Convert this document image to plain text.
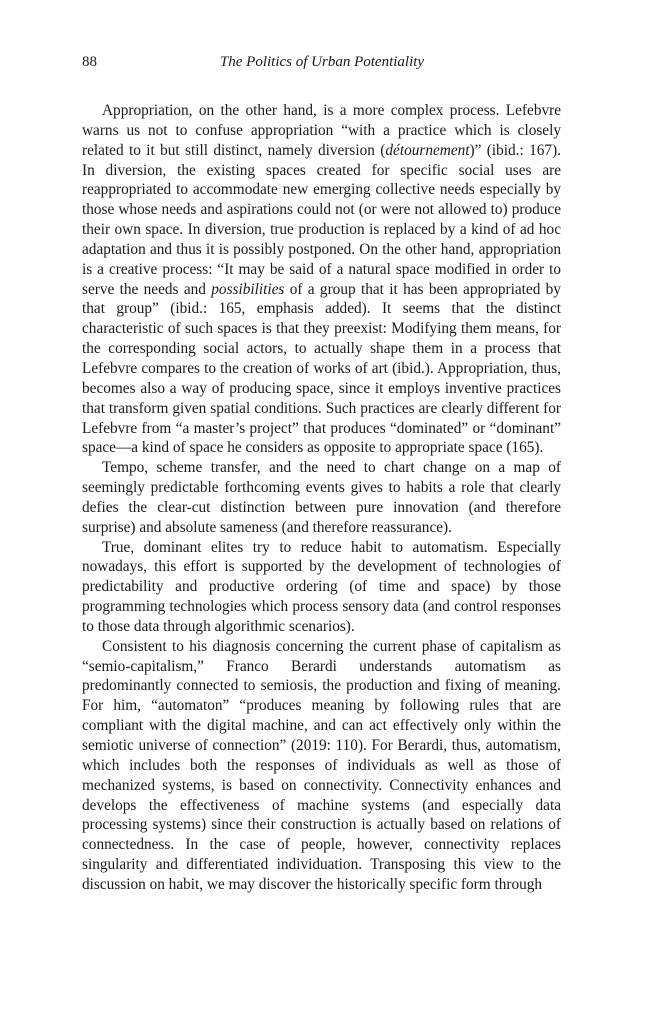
88	The Politics of Urban Potentiality

Appropriation, on the other hand, is a more complex process. Lefebvre warns us not to confuse appropriation “with a practice which is closely related to it but still distinct, namely diversion (détournement)” (ibid.: 167). In diversion, the existing spaces created for specific social uses are reappropriated to accommodate new emerging collective needs especially by those whose needs and aspirations could not (or were not allowed to) produce their own space. In diversion, true production is replaced by a kind of ad hoc adaptation and thus it is possibly postponed. On the other hand, appropriation is a creative process: “It may be said of a natural space modified in order to serve the needs and possibilities of a group that it has been appropriated by that group” (ibid.: 165, emphasis added). It seems that the distinct characteristic of such spaces is that they preexist: Modifying them means, for the corresponding social actors, to actually shape them in a process that Lefebvre compares to the creation of works of art (ibid.). Appropriation, thus, becomes also a way of producing space, since it employs inventive practices that transform given spatial conditions. Such practices are clearly different for Lefebvre from “a master’s project” that produces “dominated” or “dominant” space—a kind of space he considers as opposite to appropriate space (165).

Tempo, scheme transfer, and the need to chart change on a map of seemingly predictable forthcoming events gives to habits a role that clearly defies the clear-cut distinction between pure innovation (and therefore surprise) and absolute sameness (and therefore reassurance).

True, dominant elites try to reduce habit to automatism. Especially nowadays, this effort is supported by the development of technologies of predictability and productive ordering (of time and space) by those programming technologies which process sensory data (and control responses to those data through algorithmic scenarios).

Consistent to his diagnosis concerning the current phase of capitalism as “semio-capitalism,” Franco Berardi understands automatism as predominantly connected to semiosis, the production and fixing of meaning. For him, “automaton” “produces meaning by following rules that are compliant with the digital machine, and can act effectively only within the semiotic universe of connection” (2019: 110). For Berardi, thus, automatism, which includes both the responses of individuals as well as those of mechanized systems, is based on connectivity. Connectivity enhances and develops the effectiveness of machine systems (and especially data processing systems) since their construction is actually based on relations of connectedness. In the case of people, however, connectivity replaces singularity and differentiated individuation. Transposing this view to the discussion on habit, we may discover the historically specific form through
